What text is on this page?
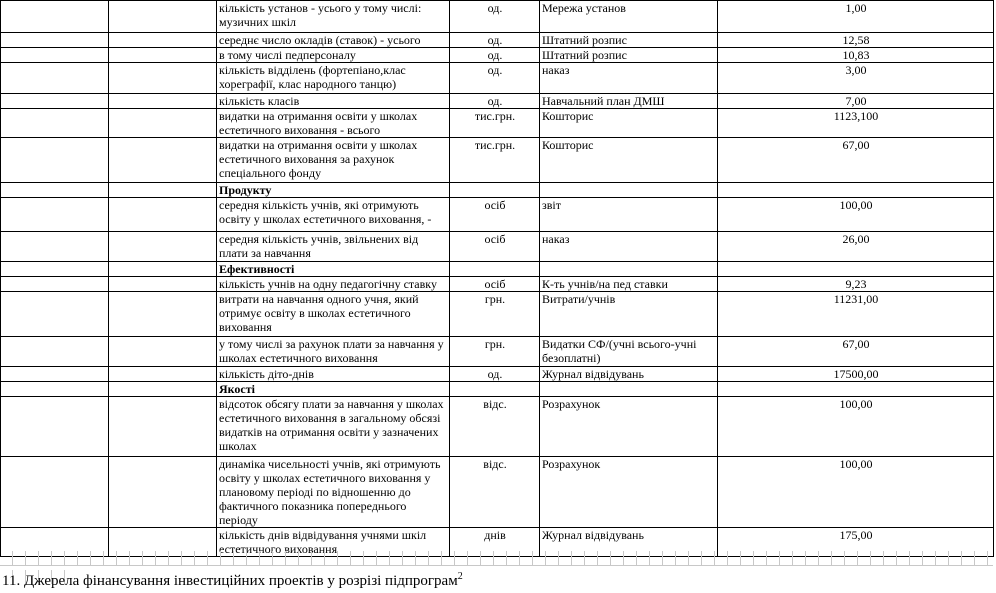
		кількість установ - усього у тому числі: музичних шкіл	од.	Мережа установ	1,00
		середнє число окладів (ставок) - усього	од.	Штатний розпис	12,58
		в тому числі педперсоналу	од.	Штатний розпис	10,83
		кількість відділень (фортепіано,клас хореграфії, клас народного танцю)	од.	наказ	3,00
		кількість класів	од.	Навчальний план ДМШ	7,00
		видатки на отримання освіти у школах естетичного виховання - всього	тис.грн.	Кошторис	1123,100
		видатки на отримання освіти у школах естетичного виховання за рахунок спеціального фонду	тис.грн.	Кошторис	67,00
		Продукту			
		середня кількість учнів, які отримують освіту у школах естетичного виховання, -	осіб	звіт	100,00
		середня кількість учнів, звільнених від плати за навчання	осіб	наказ	26,00
		Ефективності			
		кількість учнів на одну педагогічну ставку	осіб	К-ть учнів/на пед ставки	9,23
		витрати на навчання одного учня, який отримує освіту в школах естетичного виховання	грн.	Витрати/учнів	11231,00
		у тому числі за рахунок плати за навчання у школах естетичного виховання	грн.	Видатки СФ/(учні всього-учні безоплатні)	67,00
		кількість діто-днів	од.	Журнал відвідувань	17500,00
		Якості			
		відсоток обсягу плати за навчання у школах естетичного виховання в загальному обсязі видатків на отримання освіти у зазначених школах	відс.	Розрахунок	100,00
		динаміка чисельності учнів, які отримують освіту у школах естетичного виховання у плановому періоді по відношенню до фактичного показника попереднього періоду	відс.	Розрахунок	100,00
		кількість днів відвідування учнями шкіл естетичного виховання	днів	Журнал відвідувань	175,00
11. Джерела фінансування інвестиційних проектів у розрізі підпрограм$^2$
